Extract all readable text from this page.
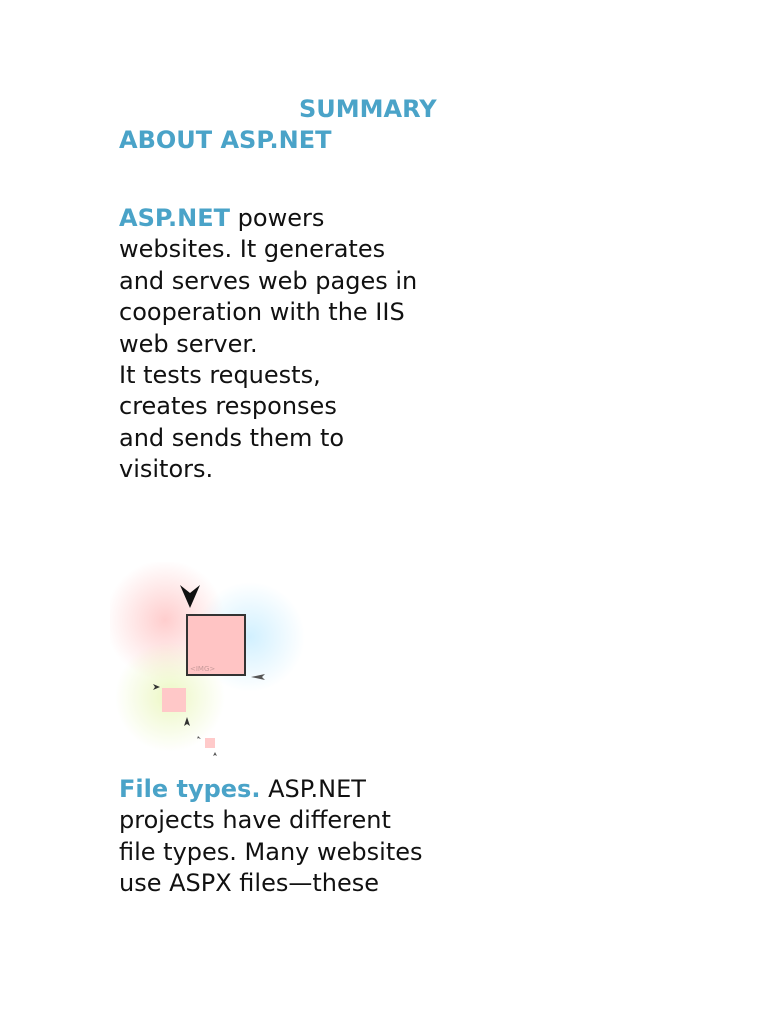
SUMMARY
ABOUT ASP.NET
ASP.NET powers
websites. It generates
and serves web pages in
cooperation with the IIS
web server.
It tests requests,
creates responses
and sends them to
visitors.
<IMG>
File types. ASP.NET
projects have different
file types. Many websites
use ASPX files—these
